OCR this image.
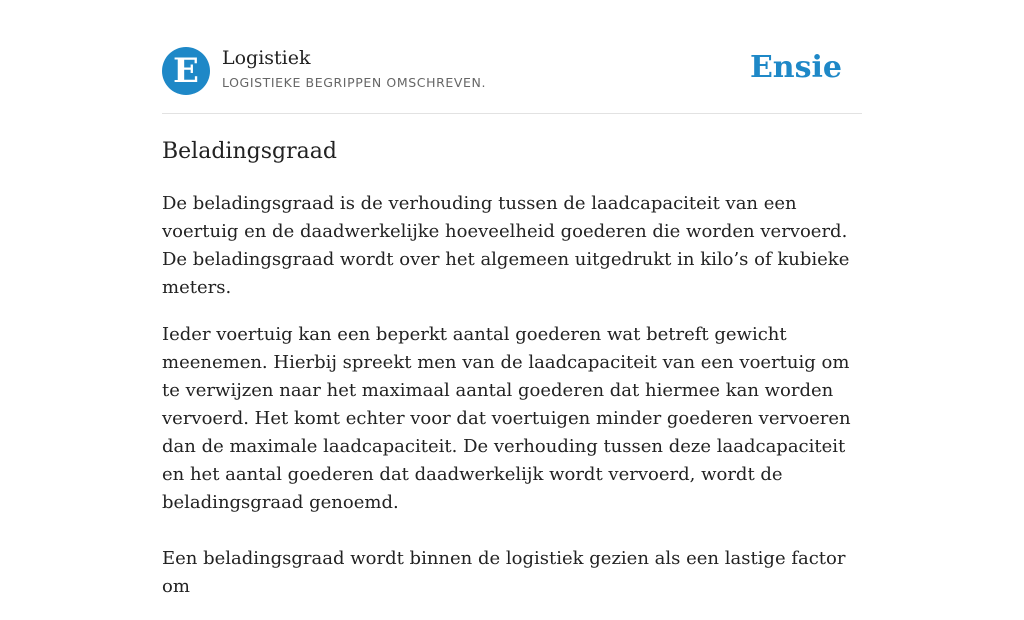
E Logistiek
LOGISTIEKE BEGRIPPEN OMSCHREVEN.	Ensie
Beladingsgraad

De beladingsgraad is de verhouding tussen de laadcapaciteit van een voertuig en de daadwerkelijke hoeveelheid goederen die worden vervoerd. De beladingsgraad wordt over het algemeen uitgedrukt in kilo’s of kubieke meters.

Ieder voertuig kan een beperkt aantal goederen wat betreft gewicht meenemen. Hierbij spreekt men van de laadcapaciteit van een voertuig om te verwijzen naar het maximaal aantal goederen dat hiermee kan worden vervoerd. Het komt echter voor dat voertuigen minder goederen vervoeren dan de maximale laadcapaciteit. De verhouding tussen deze laadcapaciteit en het aantal goederen dat daadwerkelijk wordt vervoerd, wordt de beladingsgraad genoemd.

Een beladingsgraad wordt binnen de logistiek gezien als een lastige factor om
